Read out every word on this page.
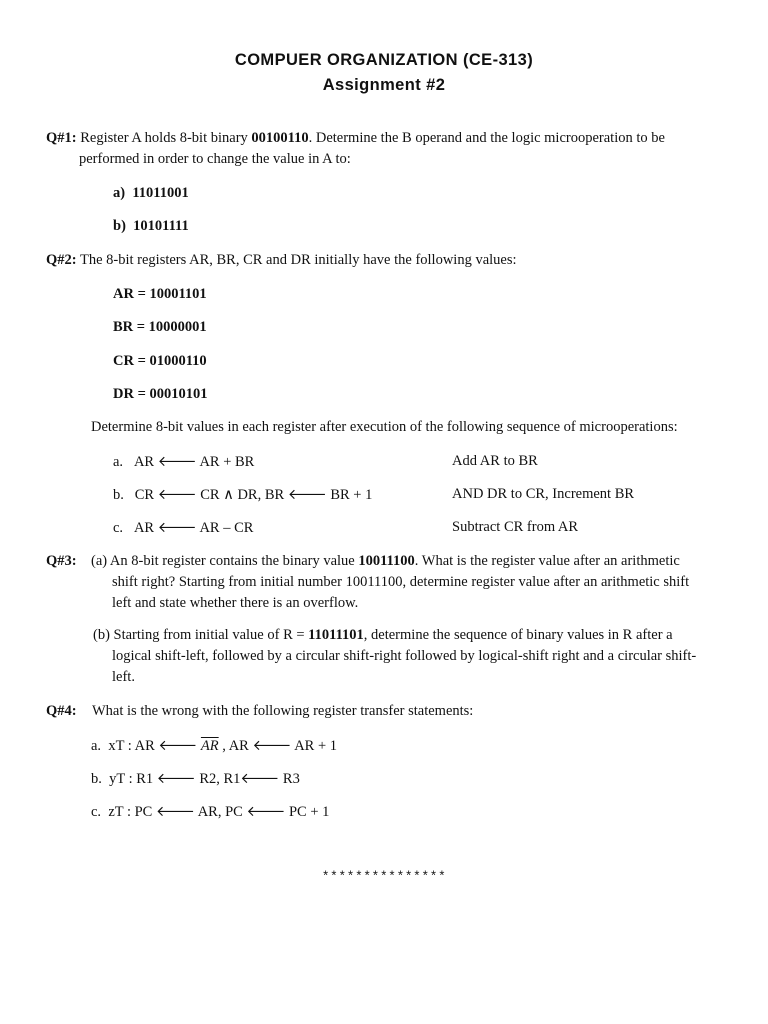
COMPUER ORGANIZATION (CE-313)
Assignment #2
Q#1: Register A holds 8-bit binary 00100110. Determine the B operand and the logic microoperation to be
performed in order to change the value in A to:
a) 11011001
b) 10101111
Q#2: The 8-bit registers AR, BR, CR and DR initially have the following values:
AR = 10001101
BR = 10000001
CR = 01000110
DR = 00010101
Determine 8-bit values in each register after execution of the following sequence of microoperations:
a. AR 🡐 AR + BR	Add AR to BR
b. CR 🡐 CR ∧ DR, BR 🡐 BR + 1	AND DR to CR, Increment BR
c. AR 🡐 AR – CR	Subtract CR from AR
Q#3: (a) An 8-bit register contains the binary value 10011100. What is the register value after an arithmetic
shift right? Starting from initial number 10011100, determine register value after an arithmetic shift
left and state whether there is an overflow.
(b) Starting from initial value of R = 11011101, determine the sequence of binary values in R after a
logical shift-left, followed by a circular shift-right followed by logical-shift right and a circular shift-
left.
Q#4: What is the wrong with the following register transfer statements:
a. xT : AR 🡐 $\overline{AR}$ , AR 🡐 AR + 1
b. yT : R1 🡐 R2, R1🡐 R3
c. zT : PC 🡐 AR, PC 🡐 PC + 1
***************
